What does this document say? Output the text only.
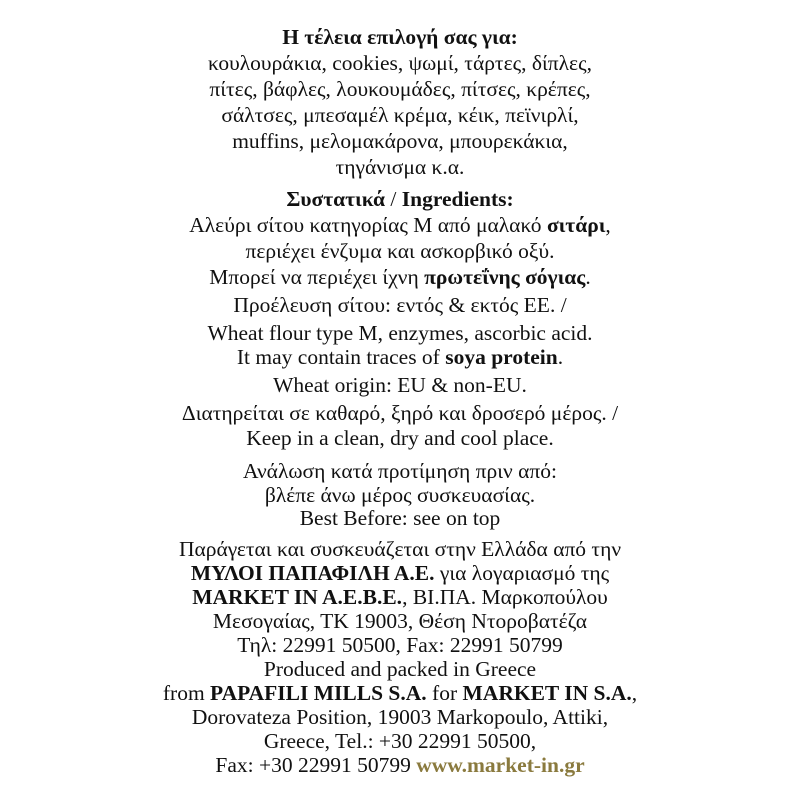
Η τέλεια επιλογή σας για:
κουλουράκια, cookies, ψωμί, τάρτες, δίπλες,
πίτες, βάφλες, λουκουμάδες, πίτσες, κρέπες,
σάλτσες, μπεσαμέλ κρέμα, κέικ, πεϊνιρλί,
muffins, μελομακάρονα, μπουρεκάκια,
τηγάνισμα κ.α.
Συστατικά / Ingredients:
Αλεύρι σίτου κατηγορίας Μ από μαλακό σιτάρι,
περιέχει ένζυμα και ασκορβικό οξύ.
Μπορεί να περιέχει ίχνη πρωτεΐνης σόγιας.
Προέλευση σίτου: εντός & εκτός ΕΕ. /
Wheat flour type M, enzymes, ascorbic acid.
It may contain traces of soya protein.
Wheat origin: EU & non-EU.
Διατηρείται σε καθαρό, ξηρό και δροσερό μέρος. /
Keep in a clean, dry and cool place.
Ανάλωση κατά προτίμηση πριν από:
βλέπε άνω μέρος συσκευασίας.
Best Before: see on top
Παράγεται και συσκευάζεται στην Ελλάδα από την
ΜΥΛΟΙ ΠΑΠΑΦΙΛΗ Α.Ε. για λογαριασμό της
MARKET IN A.E.B.E., ΒΙ.ΠΑ. Μαρκοπούλου
Μεσογαίας, ΤΚ 19003, Θέση Ντοροβατέζα
Τηλ: 22991 50500, Fax: 22991 50799
Produced and packed in Greece
from PAPAFILI MILLS S.A. for MARKET IN S.A.,
Dorovateza Position, 19003 Markopoulo, Attiki,
Greece, Tel.: +30 22991 50500,
Fax: +30 22991 50799 www.market-in.gr
